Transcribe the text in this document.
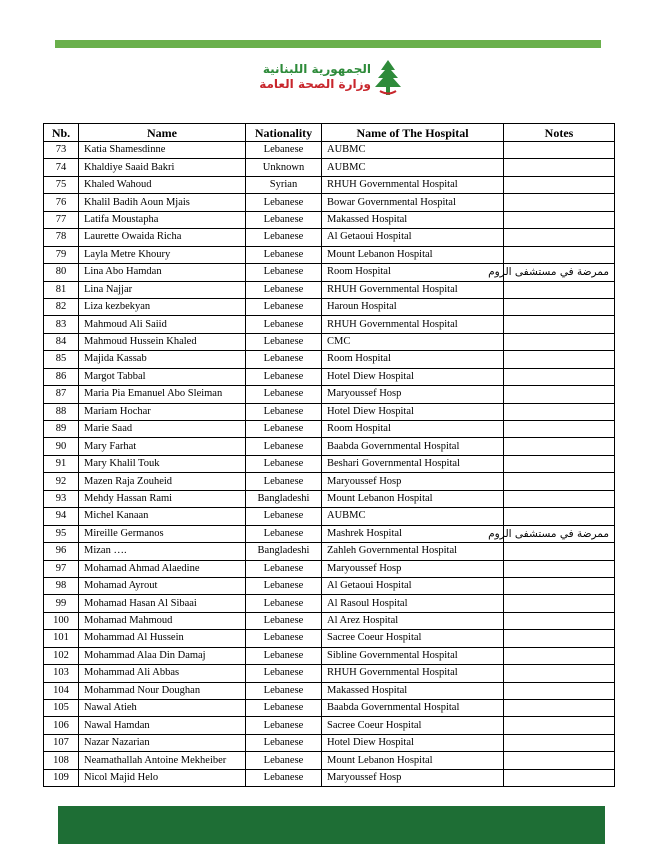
الجمهورية اللبنانية
وزارة الصحة العامة
Nb.	Name	Nationality	Name of The Hospital	Notes
73	Katia Shamesdinne	Lebanese	AUBMC	
74	Khaldiye Saaid Bakri	Unknown	AUBMC	
75	Khaled Wahoud	Syrian	RHUH Governmental Hospital	
76	Khalil Badih Aoun Mjais	Lebanese	Bowar Governmental Hospital	
77	Latifa Moustapha	Lebanese	Makassed Hospital	
78	Laurette Owaida Richa	Lebanese	Al Getaoui Hospital	
79	Layla Metre Khoury	Lebanese	Mount Lebanon Hospital	
80	Lina Abo Hamdan	Lebanese	Room Hospital	ممرضة في مستشفى الروم
81	Lina Najjar	Lebanese	RHUH Governmental Hospital	
82	Liza kezbekyan	Lebanese	Haroun Hospital	
83	Mahmoud Ali Saiid	Lebanese	RHUH Governmental Hospital	
84	Mahmoud Hussein Khaled	Lebanese	CMC	
85	Majida Kassab	Lebanese	Room Hospital	
86	Margot Tabbal	Lebanese	Hotel Diew Hospital	
87	Maria Pia Emanuel Abo Sleiman	Lebanese	Maryoussef Hosp	
88	Mariam Hochar	Lebanese	Hotel Diew Hospital	
89	Marie Saad	Lebanese	Room Hospital	
90	Mary Farhat	Lebanese	Baabda Governmental Hospital	
91	Mary Khalil Touk	Lebanese	Beshari Governmental Hospital	
92	Mazen Raja Zouheid	Lebanese	Maryoussef Hosp	
93	Mehdy Hassan Rami	Bangladeshi	Mount Lebanon Hospital	
94	Michel Kanaan	Lebanese	AUBMC	
95	Mireille Germanos	Lebanese	Mashrek Hospital	ممرضة في مستشفى الروم
96	Mizan ….	Bangladeshi	Zahleh Governmental Hospital	
97	Mohamad Ahmad Alaedine	Lebanese	Maryoussef Hosp	
98	Mohamad Ayrout	Lebanese	Al Getaoui Hospital	
99	Mohamad Hasan Al Sibaai	Lebanese	Al Rasoul Hospital	
100	Mohamad Mahmoud	Lebanese	Al Arez Hospital	
101	Mohammad Al Hussein	Lebanese	Sacree Coeur Hospital	
102	Mohammad Alaa Din Damaj	Lebanese	Sibline Governmental Hospital	
103	Mohammad Ali Abbas	Lebanese	RHUH Governmental Hospital	
104	Mohammad Nour Doughan	Lebanese	Makassed Hospital	
105	Nawal Atieh	Lebanese	Baabda Governmental Hospital	
106	Nawal Hamdan	Lebanese	Sacree Coeur Hospital	
107	Nazar Nazarian	Lebanese	Hotel Diew Hospital	
108	Neamathallah Antoine Mekheiber	Lebanese	Mount Lebanon Hospital	
109	Nicol Majid Helo	Lebanese	Maryoussef Hosp	
